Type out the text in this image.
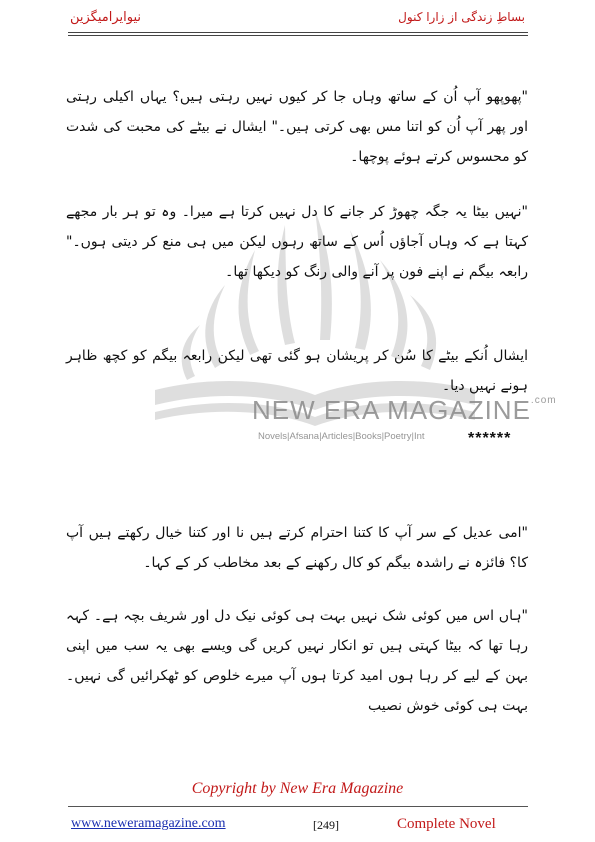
نیوایرامیگزین	بساطِ زندگی از زارا کنول
NEW ERA $MAGAZINE^{.com}$
Novels|Afsana|Articles|Books|Poetry|Int
"پھوپھو آپ اُن کے ساتھ وہاں جا کر کیوں نہیں رہتی ہیں؟ یہاں اکیلی رہتی اور پھر آپ اُن کو اتنا مس بھی کرتی ہیں۔" ایشال نے بیٹے کی محبت کی شدت کو محسوس کرتے ہوئے پوچھا۔
"نہیں بیٹا یہ جگہ چھوڑ کر جانے کا دل نہیں کرتا ہے میرا۔ وہ تو ہر بار مجھے کہتا ہے کہ وہاں آجاؤں اُس کے ساتھ رہوں لیکن میں ہی منع کر دیتی ہوں۔" رابعہ بیگم نے اپنے فون پر آنے والی رنگ کو دیکھا تھا۔
ایشال اُنکے بیٹے کا سُن کر پریشان ہو گئی تھی لیکن رابعہ بیگم کو کچھ ظاہر ہونے نہیں دیا۔
******
"امی عدیل کے سر آپ کا کتنا احترام کرتے ہیں نا اور کتنا خیال رکھتے ہیں آپ کا؟ فائزہ نے راشدہ بیگم کو کال رکھنے کے بعد مخاطب کر کے کہا۔
"ہاں اس میں کوئی شک نہیں بہت ہی کوئی نیک دل اور شریف بچہ ہے۔ کہہ رہا تھا کہ بیٹا کہتی ہیں تو انکار نہیں کریں گی ویسے بھی یہ سب میں اپنی بہن کے لیے کر رہا ہوں امید کرتا ہوں آپ میرے خلوص کو ٹھکرائیں گی نہیں۔ بہت ہی کوئی خوش نصیب
Copyright by New Era Magazine
www.neweramagazine.com	[249]	Complete Novel
